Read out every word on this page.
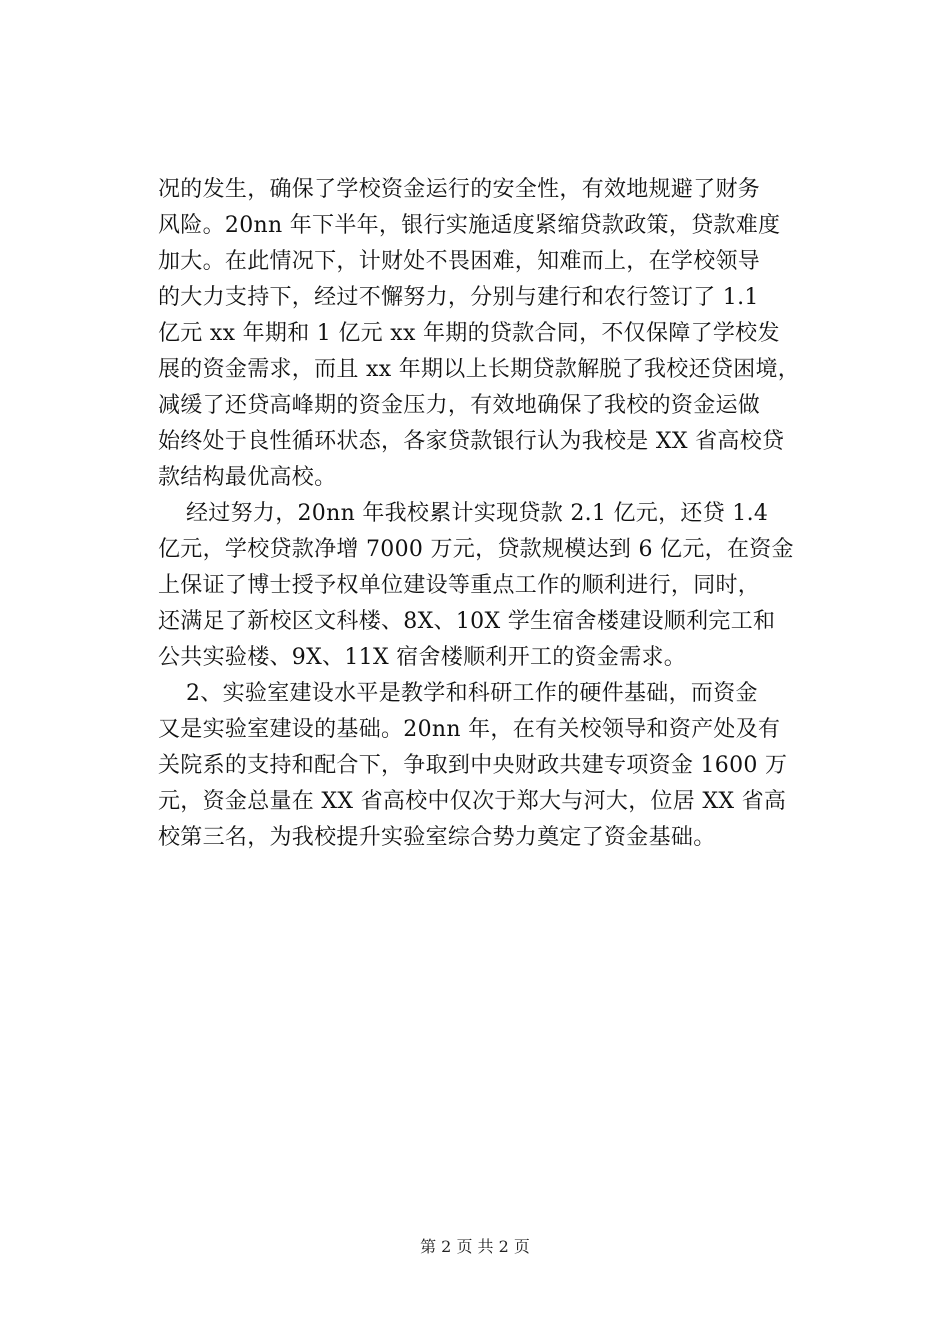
况的发生，确保了学校资金运行的安全性，有效地规避了财务
风险。20nn 年下半年，银行实施适度紧缩贷款政策，贷款难度
加大。在此情况下，计财处不畏困难，知难而上，在学校领导
的大力支持下，经过不懈努力，分别与建行和农行签订了 1.1
亿元 xx 年期和 1 亿元 xx 年期的贷款合同，不仅保障了学校发
展的资金需求，而且 xx 年期以上长期贷款解脱了我校还贷困境，
减缓了还贷高峰期的资金压力，有效地确保了我校的资金运做
始终处于良性循环状态，各家贷款银行认为我校是 XX 省高校贷
款结构最优高校。
经过努力，20nn 年我校累计实现贷款 2.1 亿元，还贷 1.4
亿元，学校贷款净增 7000 万元，贷款规模达到 6 亿元，在资金
上保证了博士授予权单位建设等重点工作的顺利进行，同时，
还满足了新校区文科楼、8X、10X 学生宿舍楼建设顺利完工和
公共实验楼、9X、11X 宿舍楼顺利开工的资金需求。
2、实验室建设水平是教学和科研工作的硬件基础，而资金
又是实验室建设的基础。20nn 年，在有关校领导和资产处及有
关院系的支持和配合下，争取到中央财政共建专项资金 1600 万
元，资金总量在 XX 省高校中仅次于郑大与河大，位居 XX 省高
校第三名，为我校提升实验室综合势力奠定了资金基础。
第 2 页 共 2 页
